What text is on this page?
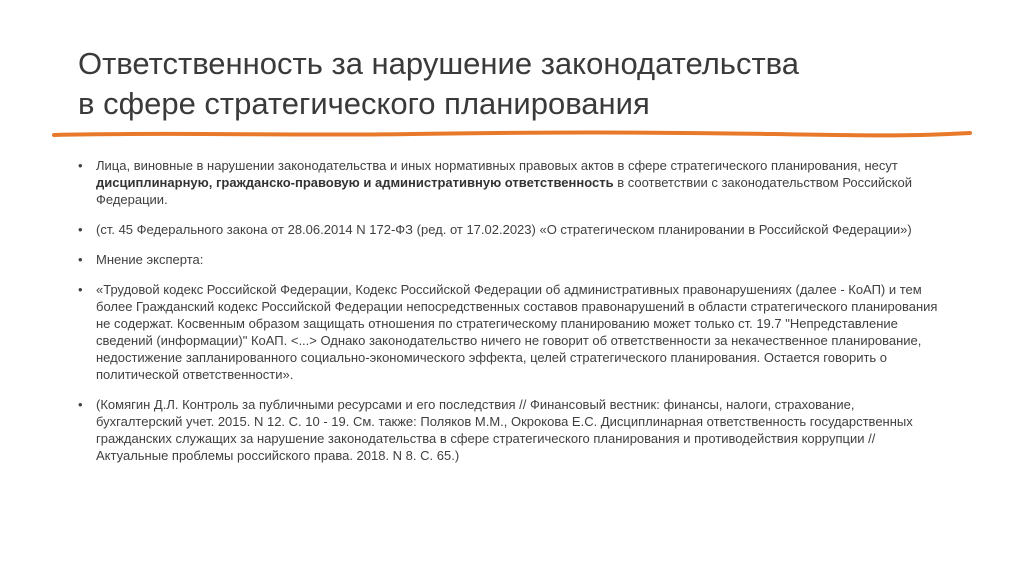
Ответственность за нарушение законодательства
в сфере стратегического планирования
• Лица, виновные в нарушении законодательства и иных нормативных правовых актов в сфере стратегического планирования, несут дисциплинарную, гражданско-правовую и административную ответственность в соответствии с законодательством Российской Федерации.
• (ст. 45 Федерального закона от 28.06.2014 N 172-ФЗ (ред. от 17.02.2023) «О стратегическом планировании в Российской Федерации»)
• Мнение эксперта:
• «Трудовой кодекс Российской Федерации, Кодекс Российской Федерации об административных правонарушениях (далее - КоАП) и тем более Гражданский кодекс Российской Федерации непосредственных составов правонарушений в области стратегического планирования не содержат. Косвенным образом защищать отношения по стратегическому планированию может только ст. 19.7 "Непредставление сведений (информации)" КоАП. <...> Однако законодательство ничего не говорит об ответственности за некачественное планирование, недостижение запланированного социально-экономического эффекта, целей стратегического планирования. Остается говорить о политической ответственности».
• (Комягин Д.Л. Контроль за публичными ресурсами и его последствия // Финансовый вестник: финансы, налоги, страхование, бухгалтерский учет. 2015. N 12. С. 10 - 19. См. также: Поляков М.М., Окрокова Е.С. Дисциплинарная ответственность государственных гражданских служащих за нарушение законодательства в сфере стратегического планирования и противодействия коррупции // Актуальные проблемы российского права. 2018. N 8. С. 65.)
